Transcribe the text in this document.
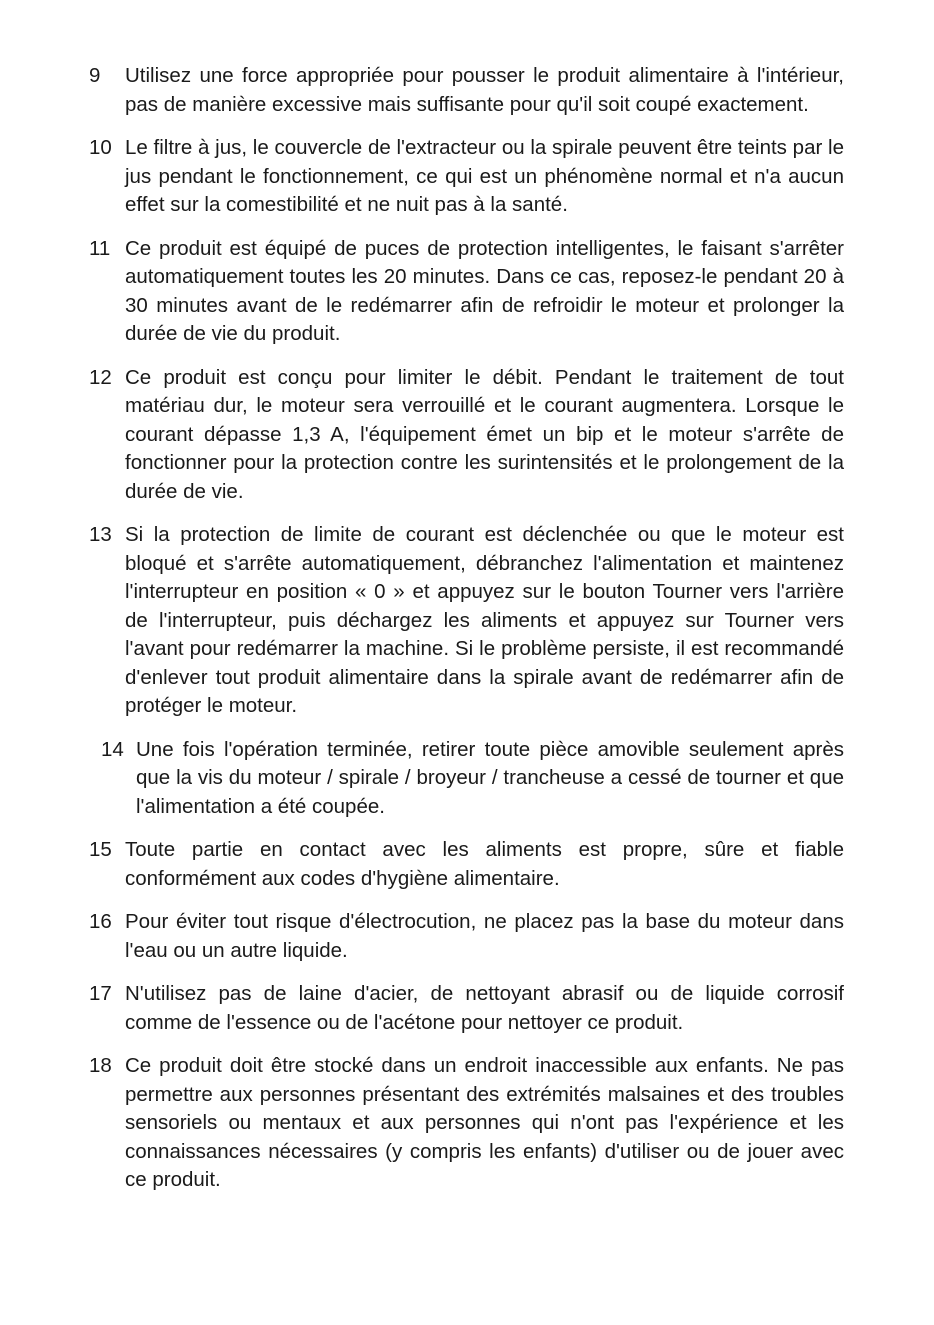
9 Utilisez une force appropriée pour pousser le produit alimentaire à l'intérieur, pas de manière excessive mais suffisante pour qu'il soit coupé exactement.
10 Le filtre à jus, le couvercle de l'extracteur ou la spirale peuvent être teints par le jus pendant le fonctionnement, ce qui est un phénomène normal et n'a aucun effet sur la comestibilité et ne nuit pas à la santé.
11 Ce produit est équipé de puces de protection intelligentes, le faisant s'arrêter automatiquement toutes les 20 minutes. Dans ce cas, reposez-le pendant 20 à 30 minutes avant de le redémarrer afin de refroidir le moteur et prolonger la durée de vie du produit.
12 Ce produit est conçu pour limiter le débit. Pendant le traitement de tout matériau dur, le moteur sera verrouillé et le courant augmentera. Lorsque le courant dépasse 1,3 A, l'équipement émet un bip et le moteur s'arrête de fonctionner pour la protection contre les surintensités et le prolongement de la durée de vie.
13 Si la protection de limite de courant est déclenchée ou que le moteur est bloqué et s'arrête automatiquement, débranchez l'alimentation et maintenez l'interrupteur en position « 0 » et appuyez sur le bouton Tourner vers l'arrière de l'interrupteur, puis déchargez les aliments et appuyez sur Tourner vers l'avant pour redémarrer la machine. Si le problème persiste, il est recommandé d'enlever tout produit alimentaire dans la spirale avant de redémarrer afin de protéger le moteur.
14 Une fois l'opération terminée, retirer toute pièce amovible seulement après que la vis du moteur / spirale / broyeur / trancheuse a cessé de tourner et que l'alimentation a été coupée.
15 Toute partie en contact avec les aliments est propre, sûre et fiable conformément aux codes d'hygiène alimentaire.
16 Pour éviter tout risque d'électrocution, ne placez pas la base du moteur dans l'eau ou un autre liquide.
17 N'utilisez pas de laine d'acier, de nettoyant abrasif ou de liquide corrosif comme de l'essence ou de l'acétone pour nettoyer ce produit.
18 Ce produit doit être stocké dans un endroit inaccessible aux enfants. Ne pas permettre aux personnes présentant des extrémités malsaines et des troubles sensoriels ou mentaux et aux personnes qui n'ont pas l'expérience et les connaissances nécessaires (y compris les enfants) d'utiliser ou de jouer avec ce produit.
